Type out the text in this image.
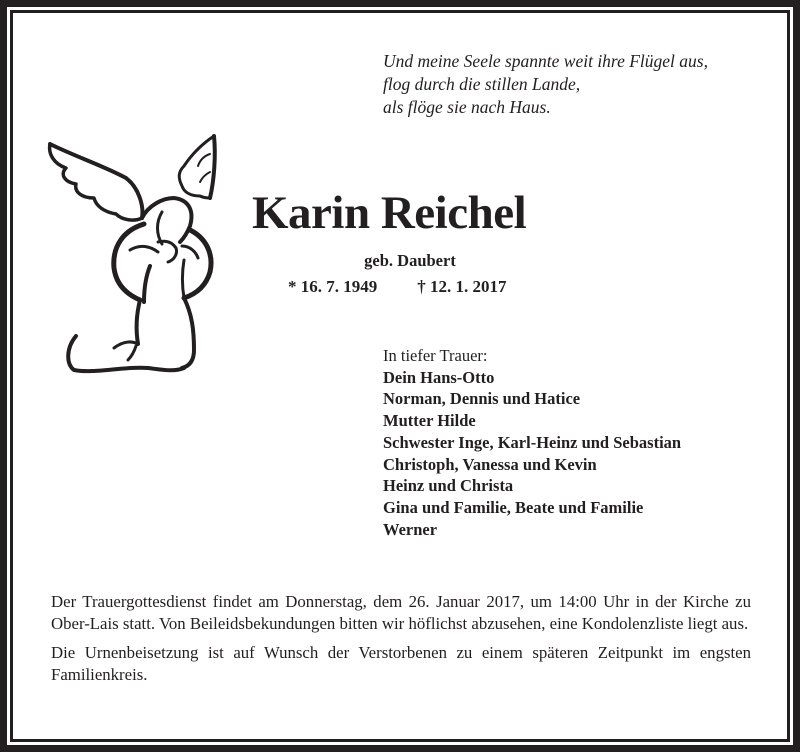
Und meine Seele spannte weit ihre Flügel aus,
flog durch die stillen Lande,
als flöge sie nach Haus.
Karin Reichel
geb. Daubert
* 16. 7. 1949 † 12. 1. 2017
In tiefer Trauer:
Dein Hans-Otto
Norman, Dennis und Hatice
Mutter Hilde
Schwester Inge, Karl-Heinz und Sebastian
Christoph, Vanessa und Kevin
Heinz und Christa
Gina und Familie, Beate und Familie
Werner

Der Trauergottesdienst findet am Donnerstag, dem 26. Januar 2017, um 14:00 Uhr in der Kirche zu Ober-Lais statt. Von Beileidsbekundungen bitten wir höflichst abzusehen, eine Kondolenzliste liegt aus.

Die Urnenbeisetzung ist auf Wunsch der Verstorbenen zu einem späteren Zeitpunkt im engsten Familienkreis.
